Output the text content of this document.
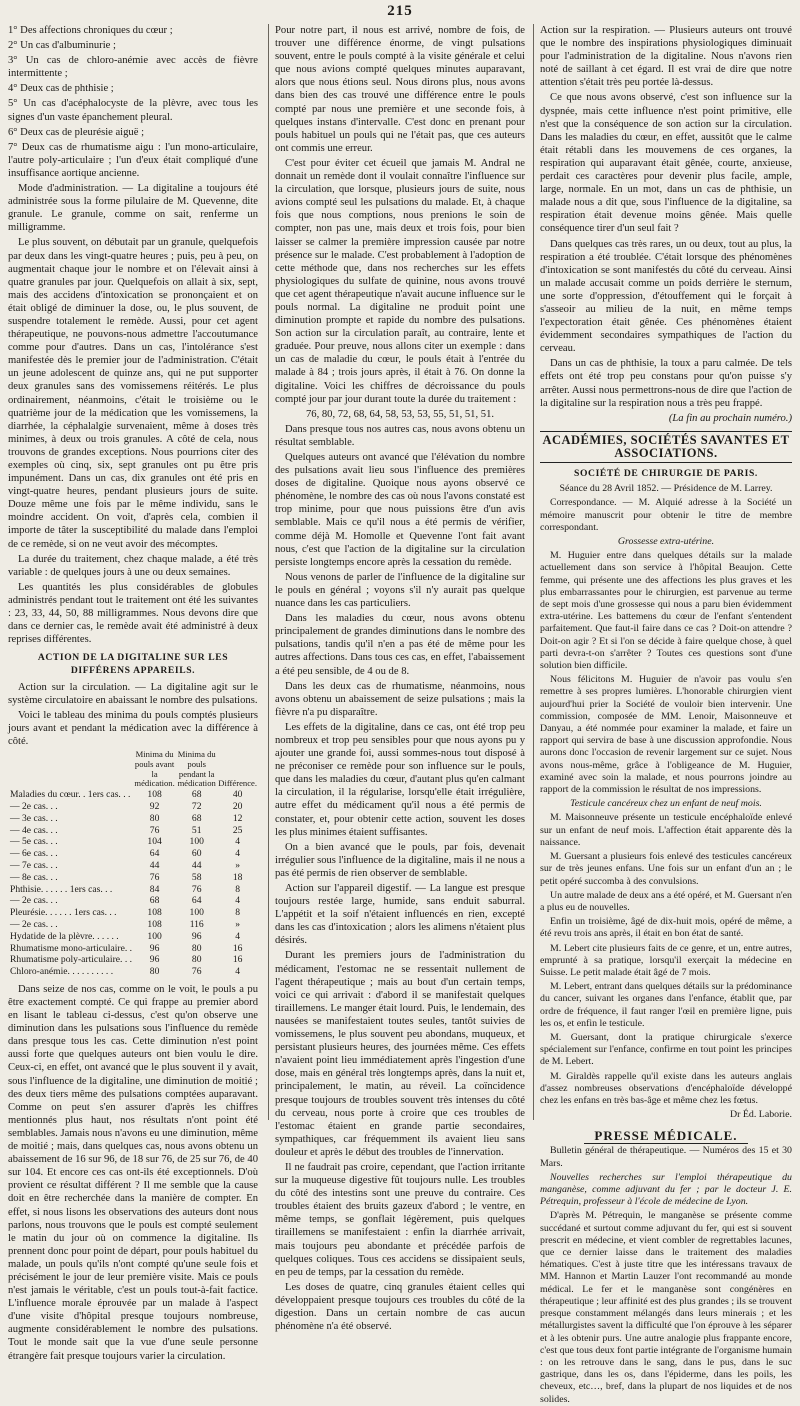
215

1° Des affections chroniques du cœur ;

2° Un cas d'albuminurie ;

3° Un cas de chloro-anémie avec accès de fièvre intermittente ;

4° Deux cas de phthisie ;

5° Un cas d'acéphalocyste de la plèvre, avec tous les signes d'un vaste épanchement pleural.

6° Deux cas de pleurésie aiguë ;

7° Deux cas de rhumatisme aigu : l'un mono-articulaire, l'autre poly-articulaire ; l'un d'eux était compliqué d'une insuffisance aortique ancienne.

Mode d'administration. — La digitaline a toujours été administrée sous la forme pilulaire de M. Quevenne, dite granule. Le granule, comme on sait, renferme un milligramme.

Le plus souvent, on débutait par un granule, quelquefois par deux dans les vingt-quatre heures ; puis, peu à peu, on augmentait chaque jour le nombre et on l'élevait ainsi à quatre granules par jour. Quelquefois on allait à six, sept, mais des accidens d'intoxication se prononçaient et on était obligé de diminuer la dose, ou, le plus souvent, de suspendre totalement le remède. Aussi, pour cet agent thérapeutique, ne pouvons-nous admettre l'accoutumance comme pour d'autres. Dans un cas, l'intolérance s'est manifestée dès le premier jour de l'administration. C'était un jeune adolescent de quinze ans, qui ne put supporter deux granules sans des vomissemens réitérés. Le plus ordinairement, néanmoins, c'était le troisième ou le quatrième jour de la médication que les vomissemens, la diarrhée, la céphalalgie survenaient, même à doses très minimes, à deux ou trois granules. A côté de cela, nous trouvons de grandes exceptions. Nous pourrions citer des exemples où cinq, six, sept granules ont pu être pris impunément. Dans un cas, dix granules ont été pris en vingt-quatre heures, pendant plusieurs jours de suite. Douze même une fois par le même individu, sans le moindre accident. On voit, d'après cela, combien il importe de tâter la susceptibilité du malade dans l'emploi de ce remède, si on ne veut avoir des mécomptes.

La durée du traitement, chez chaque malade, a été très variable : de quelques jours à une ou deux semaines.

Les quantités les plus considérables de globules administrés pendant tout le traitement ont été les suivantes : 23, 33, 44, 50, 88 milligrammes. Nous devons dire que dans ce dernier cas, le remède avait été administré à deux reprises différentes.

ACTION DE LA DIGITALINE SUR LES DIFFÉRENS APPAREILS.

Action sur la circulation. — La digitaline agit sur le système circulatoire en abaissant le nombre des pulsations.

Voici le tableau des minima du pouls comptés plusieurs jours avant et pendant la médication avec la différence à côté.

	Minima du pouls avant la médication.	Minima du pouls pendant la médication	Différence.
Maladies du cœur. . 1ers cas. . .	108	68	40
— 2e cas. . .	92	72	20
— 3e cas. . .	80	68	12
— 4e cas. . .	76	51	25
— 5e cas. . .	104	100	4
— 6e cas. . .	64	60	4
— 7e cas. . .	44	44	»
— 8e cas. . .	76	58	18
Phthisie. . . . . . 1ers cas. . .	84	76	8
— 2e cas. . .	68	64	4
Pleurésie. . . . . . 1ers cas. . .	108	100	8
— 2e cas. . .	108	116	»
Hydatide de la plèvre. . . . . .	100	96	4
Rhumatisme mono-articulaire. .	96	80	16
Rhumatisme poly-articulaire. . .	96	80	16
Chloro-anémie. . . . . . . . . .	80	76	4

Dans seize de nos cas, comme on le voit, le pouls a pu être exactement compté. Ce qui frappe au premier abord en lisant le tableau ci-dessus, c'est qu'on observe une diminution dans les pulsations sous l'influence du remède dans presque tous les cas. Cette diminution n'est point aussi forte que quelques auteurs ont bien voulu le dire. Ceux-ci, en effet, ont avancé que le plus souvent il y avait, sous l'influence de la digitaline, une diminution de moitié ; des deux tiers même des pulsations comptées auparavant. Comme on peut s'en assurer d'après les chiffres mentionnés plus haut, nos résultats n'ont point été semblables. Jamais nous n'avons eu une diminution, même de moitié ; mais, dans quelques cas, nous avons obtenu un abaissement de 16 sur 96, de 18 sur 76, de 25 sur 76, de 40 sur 104. Et encore ces cas ont-ils été exceptionnels. D'où provient ce résultat différent ? Il me semble que la cause doit en être recherchée dans la manière de compter. En effet, si nous lisons les observations des auteurs dont nous parlons, nous trouvons que le pouls est compté seulement le matin du jour où on commence la digitaline. Ils prennent donc pour point de départ, pour pouls habituel du malade, un pouls qu'ils n'ont compté qu'une seule fois et précisément le jour de leur première visite. Mais ce pouls n'est jamais le véritable, c'est un pouls tout-à-fait factice. L'influence morale éprouvée par un malade à l'aspect d'une visite d'hôpital presque toujours nombreuse, augmente considérablement le nombre des pulsations. Tout le monde sait que la vue d'une seule personne étrangère fait presque toujours varier la circulation.

Pour notre part, il nous est arrivé, nombre de fois, de trouver une différence énorme, de vingt pulsations souvent, entre le pouls compté à la visite générale et celui que nous avions compté quelques minutes auparavant, alors que nous étions seul. Nous dirons plus, nous avons dans bien des cas trouvé une différence entre le pouls compté par nous une première et une seconde fois, à quelques instans d'intervalle. C'est donc en prenant pour pouls habituel un pouls qui ne l'était pas, que ces auteurs ont commis une erreur.

C'est pour éviter cet écueil que jamais M. Andral ne donnait un remède dont il voulait connaître l'influence sur la circulation, que lorsque, plusieurs jours de suite, nous avions compté seul les pulsations du malade. Et, à chaque fois que nous comptions, nous prenions le soin de compter, non pas une, mais deux et trois fois, pour bien laisser se calmer la première impression causée par notre présence sur le malade. C'est probablement à l'adoption de cette méthode que, dans nos recherches sur les effets physiologiques du sulfate de quinine, nous avons trouvé que cet agent thérapeutique n'avait aucune influence sur le pouls normal. La digitaline ne produit point une diminution prompte et rapide du nombre des pulsations. Son action sur la circulation paraît, au contraire, lente et graduée. Pour preuve, nous allons citer un exemple : dans un cas de maladie du cœur, le pouls était à l'entrée du malade à 84 ; trois jours après, il était à 76. On donne la digitaline. Voici les chiffres de décroissance du pouls compté jour par jour durant toute la durée du traitement :

76, 80, 72, 68, 64, 58, 53, 53, 55, 51, 51, 51.

Dans presque tous nos autres cas, nous avons obtenu un résultat semblable.

Quelques auteurs ont avancé que l'élévation du nombre des pulsations avait lieu sous l'influence des premières doses de digitaline. Quoique nous ayons observé ce phénomène, le nombre des cas où nous l'avons constaté est trop minime, pour que nous puissions être d'un avis semblable. Mais ce qu'il nous a été permis de vérifier, comme déjà M. Homolle et Quevenne l'ont fait avant nous, c'est que l'action de la digitaline sur la circulation persiste longtemps encore après la cessation du remède.

Nous venons de parler de l'influence de la digitaline sur le pouls en général ; voyons s'il n'y aurait pas quelque nuance dans les cas particuliers.

Dans les maladies du cœur, nous avons obtenu principalement de grandes diminutions dans le nombre des pulsations, tandis qu'il n'en a pas été de même pour les autres affections. Dans tous ces cas, en effet, l'abaissement a été peu sensible, de 4 ou de 8.

Dans les deux cas de rhumatisme, néanmoins, nous avons obtenu un abaissement de seize pulsations ; mais la fièvre n'a pu disparaître.

Les effets de la digitaline, dans ce cas, ont été trop peu nombreux et trop peu sensibles pour que nous ayons pu y ajouter une grande foi, aussi sommes-nous tout disposé à ne préconiser ce remède pour son influence sur le pouls, que dans les maladies du cœur, d'autant plus qu'en calmant la circulation, il la régularise, lorsqu'elle était irrégulière, autre effet du médicament qu'il nous a été permis de constater, et, pour obtenir cette action, souvent les doses les plus minimes étaient suffisantes.

On a bien avancé que le pouls, par fois, devenait irrégulier sous l'influence de la digitaline, mais il ne nous a pas été permis de rien observer de semblable.

Action sur l'appareil digestif. — La langue est presque toujours restée large, humide, sans enduit saburral. L'appétit et la soif n'étaient influencés en rien, excepté dans les cas d'intoxication ; alors les alimens n'étaient plus désirés.

Durant les premiers jours de l'administration du médicament, l'estomac ne se ressentait nullement de l'agent thérapeutique ; mais au bout d'un certain temps, voici ce qui arrivait : d'abord il se manifestait quelques tiraillemens. Le manger était lourd. Puis, le lendemain, des nausées se manifestaient toutes seules, tantôt suivies de vomissemens, le plus souvent peu abondans, muqueux, et persistant plusieurs heures, des journées même. Ces effets n'avaient point lieu immédiatement après l'ingestion d'une dose, mais en général très longtemps après, dans la nuit et, principalement, le matin, au réveil. La coïncidence presque toujours de troubles souvent très intenses du côté du cerveau, nous porte à croire que ces troubles de l'estomac étaient en grande partie secondaires, sympathiques, car fréquemment ils avaient lieu sans douleur et après le début des troubles de l'innervation.

Il ne faudrait pas croire, cependant, que l'action irritante sur la muqueuse digestive fût toujours nulle. Les troubles du côté des intestins sont une preuve du contraire. Ces troubles étaient des bruits gazeux d'abord ; le ventre, en même temps, se gonflait légèrement, puis quelques tiraillemens se manifestaient : enfin la diarrhée arrivait, mais toujours peu abondante et précédée parfois de quelques coliques. Tous ces accidens se dissipaient seuls, en peu de temps, par la cessation du remède.

Les doses de quatre, cinq granules étaient celles qui développaient presque toujours ces troubles du côté de la digestion. Dans un certain nombre de cas aucun phénomène n'a été observé.

Action sur la respiration. — Plusieurs auteurs ont trouvé que le nombre des inspirations physiologiques diminuait pour l'administration de la digitaline. Nous n'avons rien noté de saillant à cet égard. Il est vrai de dire que notre attention s'était très peu portée là-dessus.

Ce que nous avons observé, c'est son influence sur la dyspnée, mais cette influence n'est point primitive, elle n'est que la conséquence de son action sur la circulation. Dans les maladies du cœur, en effet, aussitôt que le calme était rétabli dans les mouvemens de ces organes, la respiration qui auparavant était gênée, courte, anxieuse, perdait ces caractères pour devenir plus facile, ample, large, normale. En un mot, dans un cas de phthisie, un malade nous a dit que, sous l'influence de la digitaline, sa respiration était devenue moins gênée. Mais quelle conséquence tirer d'un seul fait ?

Dans quelques cas très rares, un ou deux, tout au plus, la respiration a été troublée. C'était lorsque des phénomènes d'intoxication se sont manifestés du côté du cerveau. Ainsi un malade accusait comme un poids derrière le sternum, une sorte d'oppression, d'étouffement qui le forçait à s'asseoir au milieu de la nuit, en même temps l'expectoration était gênée. Ces phénomènes étaient évidemment secondaires sympathiques de l'action du cerveau.

Dans un cas de phthisie, la toux a paru calmée. De tels effets ont été trop peu constans pour qu'on puisse s'y arrêter. Aussi nous permettrons-nous de dire que l'action de la digitaline sur la respiration nous a très peu frappé.

(La fin au prochain numéro.)

ACADÉMIES, SOCIÉTÉS SAVANTES ET ASSOCIATIONS.
SOCIÉTÉ DE CHIRURGIE DE PARIS.

Séance du 28 Avril 1852. — Présidence de M. Larrey.

Correspondance. — M. Alquié adresse à la Société un mémoire manuscrit pour obtenir le titre de membre correspondant.

Grossesse extra-utérine.

M. Huguier entre dans quelques détails sur la malade actuellement dans son service à l'hôpital Beaujon. Cette femme, qui présente une des affections les plus graves et les plus embarrassantes pour le chirurgien, est parvenue au terme de sept mois d'une grossesse qui nous a paru bien évidemment extra-utérine. Les battemens du cœur de l'enfant s'entendent parfaitement. Que faut-il faire dans ce cas ? Doit-on attendre ? Doit-on agir ? Et si l'on se décide à faire quelque chose, à quel parti devra-t-on s'arrêter ? Toutes ces questions sont d'une solution bien difficile.

Nous félicitons M. Huguier de n'avoir pas voulu s'en remettre à ses propres lumières. L'honorable chirurgien vient aujourd'hui prier la Société de vouloir bien intervenir. Une commission, composée de MM. Lenoir, Maisonneuve et Danyau, a été nommée pour examiner la malade, et faire un rapport qui servira de base à une discussion approfondie. Nous aurons donc l'occasion de revenir largement sur ce sujet. Nous avons nous-même, grâce à l'obligeance de M. Huguier, examiné avec soin la malade, et nous pourrons joindre au rapport de la commission le résultat de nos impressions.

Testicule cancéreux chez un enfant de neuf mois.

M. Maisonneuve présente un testicule encéphaloïde enlevé sur un enfant de neuf mois. L'affection était apparente dès la naissance.

M. Guersant a plusieurs fois enlevé des testicules cancéreux sur de très jeunes enfans. Une fois sur un enfant d'un an ; le petit opéré succomba à des convulsions.

Un autre malade de deux ans a été opéré, et M. Guersant n'en a plus eu de nouvelles.

Enfin un troisième, âgé de dix-huit mois, opéré de même, a été revu trois ans après, il était en bon état de santé.

M. Lebert cite plusieurs faits de ce genre, et un, entre autres, emprunté à sa pratique, lorsqu'il exerçait la médecine en Suisse. Le petit malade était âgé de 7 mois.

M. Lebert, entrant dans quelques détails sur la prédominance du cancer, suivant les organes dans l'enfance, établit que, par ordre de fréquence, il faut ranger l'œil en première ligne, puis les os, et enfin le testicule.

M. Guersant, dont la pratique chirurgicale s'exerce spécialement sur l'enfance, confirme en tout point les principes de M. Lebert.

M. Giraldès rappelle qu'il existe dans les auteurs anglais d'assez nombreuses observations d'encéphaloïde développé chez les enfans en très bas-âge et même chez les fœtus.

Dr Éd. Laborie.

PRESSE MÉDICALE.

Bulletin général de thérapeutique. — Numéros des 15 et 30 Mars.

Nouvelles recherches sur l'emploi thérapeutique du manganèse, comme adjuvant du fer ; par le docteur J. E. Pétrequin, professeur à l'école de médecine de Lyon.

D'après M. Pétrequin, le manganèse se présente comme succédané et surtout comme adjuvant du fer, qui est si souvent prescrit en médecine, et vient combler de regrettables lacunes, que ce dernier laisse dans le traitement des maladies hématiques. C'est à juste titre que les intéressans travaux de MM. Hannon et Martin Lauzer l'ont recommandé au monde médical. Le fer et le manganèse sont congénères en thérapeutique ; leur affinité est des plus grandes ; ils se trouvent presque constamment mélangés dans leurs minerais ; et les métallurgistes savent la difficulté que l'on éprouve à les séparer et à les obtenir purs. Une autre analogie plus frappante encore, c'est que tous deux font partie intégrante de l'organisme humain : on les retrouve dans le sang, dans le pus, dans le suc gastrique, dans les os, dans l'épiderme, dans les poils, les cheveux, etc…, bref, dans la plupart de nos liquides et de nos solides.
